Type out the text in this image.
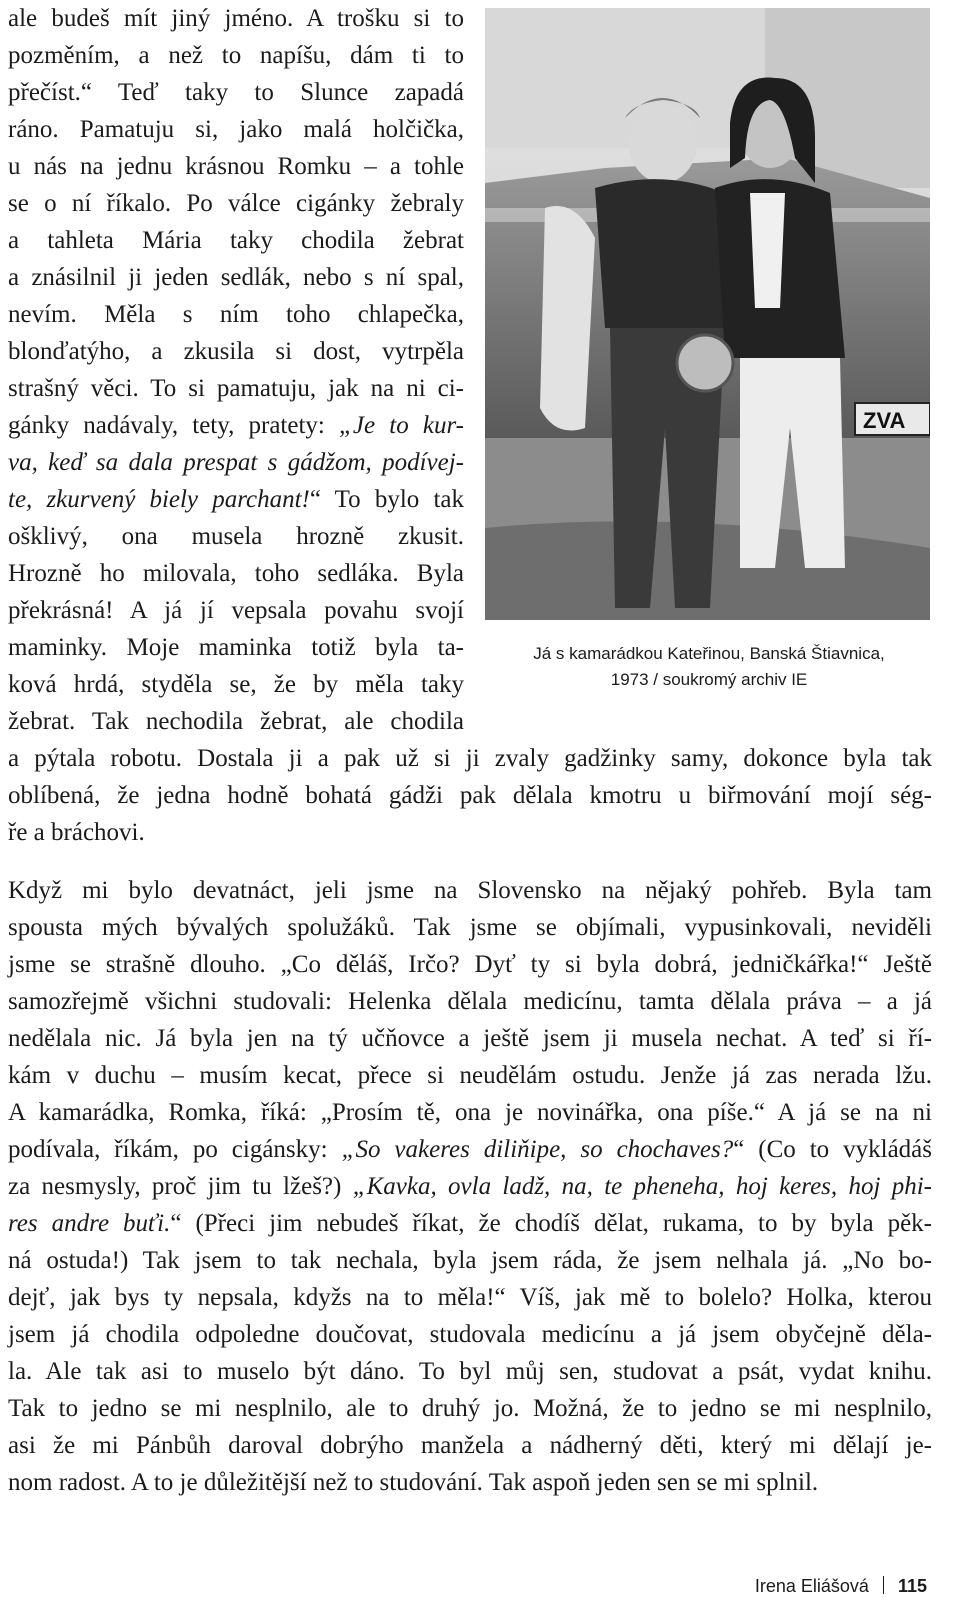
ale budeš mít jiný jméno. A trošku si to
pozměním, a než to napíšu, dám ti to
přečíst.“ Teď taky to Slunce zapadá
ráno. Pamatuju si, jako malá holčička,
u nás na jednu krásnou Romku – a tohle
se o ní říkalo. Po válce cigánky žebraly
a tahleta Mária taky chodila žebrat
a znásilnil ji jeden sedlák, nebo s ní spal,
nevím. Měla s ním toho chlapečka,
blonďatýho, a zkusila si dost, vytrpěla
strašný věci. To si pamatuju, jak na ni ci-
gánky nadávaly, tety, pratety: „Je to kur-
va, keď sa dala prespat s gádžom, podívej-
te, zkurvený biely parchant!“ To bylo tak
ošklivý, ona musela hrozně zkusit.
Hrozně ho milovala, toho sedláka. Byla
překrásná! A já jí vepsala povahu svojí
maminky. Moje maminka totiž byla ta-
ková hrdá, styděla se, že by měla taky
žebrat. Tak nechodila žebrat, ale chodila
ZVA
Já s kamarádkou Kateřinou, Banská Štiavnica,
1973 / soukromý archiv IE
a pýtala robotu. Dostala ji a pak už si ji zvaly gadžinky samy, dokonce byla tak
oblíbená, že jedna hodně bohatá gádži pak dělala kmotru u biřmování mojí ség-
ře a bráchovi.
Když mi bylo devatnáct, jeli jsme na Slovensko na nějaký pohřeb. Byla tam
spousta mých bývalých spolužáků. Tak jsme se objímali, vypusinkovali, neviděli
jsme se strašně dlouho. „Co děláš, Irčo? Dyť ty si byla dobrá, jedničkářka!“ Ještě
samozřejmě všichni studovali: Helenka dělala medicínu, tamta dělala práva – a já
nedělala nic. Já byla jen na tý učňovce a ještě jsem ji musela nechat. A teď si ří-
kám v duchu – musím kecat, přece si neudělám ostudu. Jenže já zas nerada lžu.
A kamarádka, Romka, říká: „Prosím tě, ona je novinářka, ona píše.“ A já se na ni
podívala, říkám, po cigánsky: „So vakeres diliňipe, so chochaves?“ (Co to vykládáš
za nesmysly, proč jim tu lžeš?) „Kavka, ovla ladž, na, te pheneha, hoj keres, hoj phi-
res andre buťi.“ (Přeci jim nebudeš říkat, že chodíš dělat, rukama, to by byla pěk-
ná ostuda!) Tak jsem to tak nechala, byla jsem ráda, že jsem nelhala já. „No bo-
dejť, jak bys ty nepsala, kdyžs na to měla!“ Víš, jak mě to bolelo? Holka, kterou
jsem já chodila odpoledne doučovat, studovala medicínu a já jsem obyčejně děla-
la. Ale tak asi to muselo být dáno. To byl můj sen, studovat a psát, vydat knihu.
Tak to jedno se mi nesplnilo, ale to druhý jo. Možná, že to jedno se mi nesplnilo,
asi že mi Pánbůh daroval dobrýho manžela a nádherný děti, který mi dělají je-
nom radost. A to je důležitější než to studování. Tak aspoň jeden sen se mi splnil.
Irena Eliášová 115
